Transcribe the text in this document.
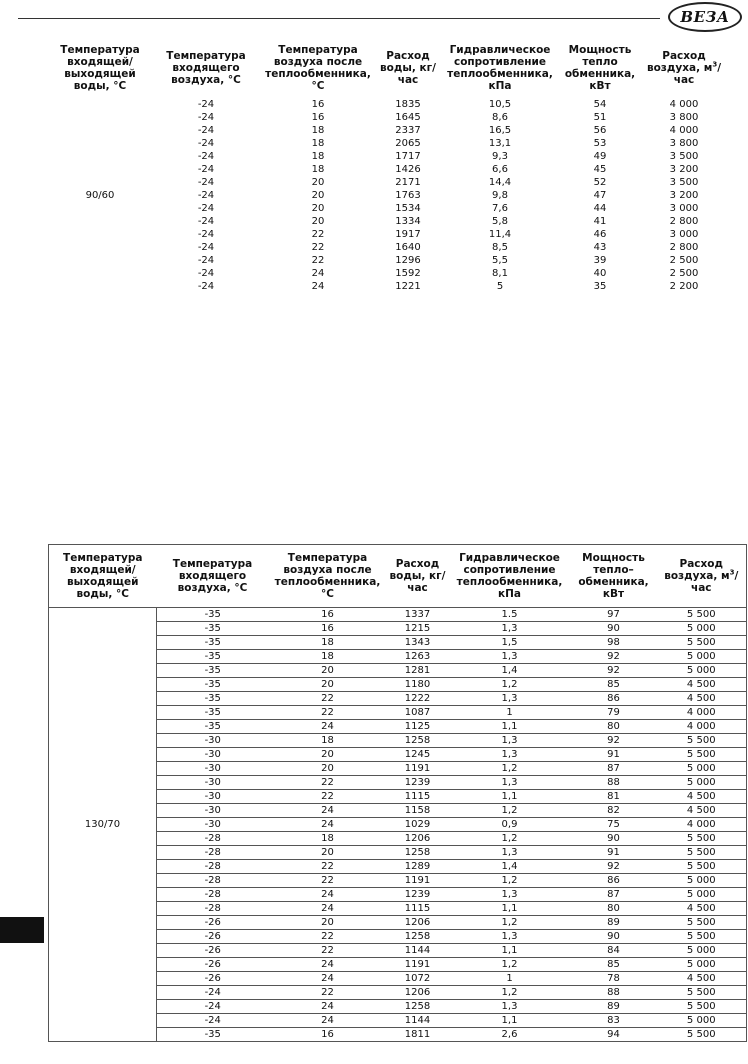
ВЕЗА
Температура входящей/ выходящей воды, °С	Температура входящего воздуха, °С	Температура воздуха после теплообменника, °С	Расход воды, кг/час	Гидравлическое сопротивление теплообменника, кПа	Мощность тепло обменника, кВт	Расход воздуха, $м^3$/час
90/60	-24	16	1835	10,5	54	4 000
	-24	16	1645	8,6	51	3 800
	-24	18	2337	16,5	56	4 000
	-24	18	2065	13,1	53	3 800
	-24	18	1717	9,3	49	3 500
	-24	18	1426	6,6	45	3 200
	-24	20	2171	14,4	52	3 500
	-24	20	1763	9,8	47	3 200
	-24	20	1534	7,6	44	3 000
	-24	20	1334	5,8	41	2 800
	-24	22	1917	11,4	46	3 000
	-24	22	1640	8,5	43	2 800
	-24	22	1296	5,5	39	2 500
	-24	24	1592	8,1	40	2 500
	-24	24	1221	5	35	2 200
Температура входящей/ выходящей воды, °С	Температура входящего воздуха, °С	Температура воздуха после теплообменника, °С	Расход воды, кг/час	Гидравлическое сопротивление теплообменника, кПа	Мощность тепло– обменника, кВт	Расход воздуха, $м^3$/час
130/70	-35	16	1337	1.5	97	5 500
	-35	16	1215	1,3	90	5 000
	-35	18	1343	1,5	98	5 500
	-35	18	1263	1,3	92	5 000
	-35	20	1281	1,4	92	5 000
	-35	20	1180	1,2	85	4 500
	-35	22	1222	1,3	86	4 500
	-35	22	1087	1	79	4 000
	-35	24	1125	1,1	80	4 000
	-30	18	1258	1,3	92	5 500
	-30	20	1245	1,3	91	5 500
	-30	20	1191	1,2	87	5 000
	-30	22	1239	1,3	88	5 000
	-30	22	1115	1,1	81	4 500
	-30	24	1158	1,2	82	4 500
	-30	24	1029	0,9	75	4 000
	-28	18	1206	1,2	90	5 500
	-28	20	1258	1,3	91	5 500
	-28	22	1289	1,4	92	5 500
	-28	22	1191	1,2	86	5 000
	-28	24	1239	1,3	87	5 000
	-28	24	1115	1,1	80	4 500
	-26	20	1206	1,2	89	5 500
	-26	22	1258	1,3	90	5 500
	-26	22	1144	1,1	84	5 000
	-26	24	1191	1,2	85	5 000
	-26	24	1072	1	78	4 500
	-24	22	1206	1,2	88	5 500
	-24	24	1258	1,3	89	5 500
	-24	24	1144	1,1	83	5 000
	-35	16	1811	2,6	94	5 500
